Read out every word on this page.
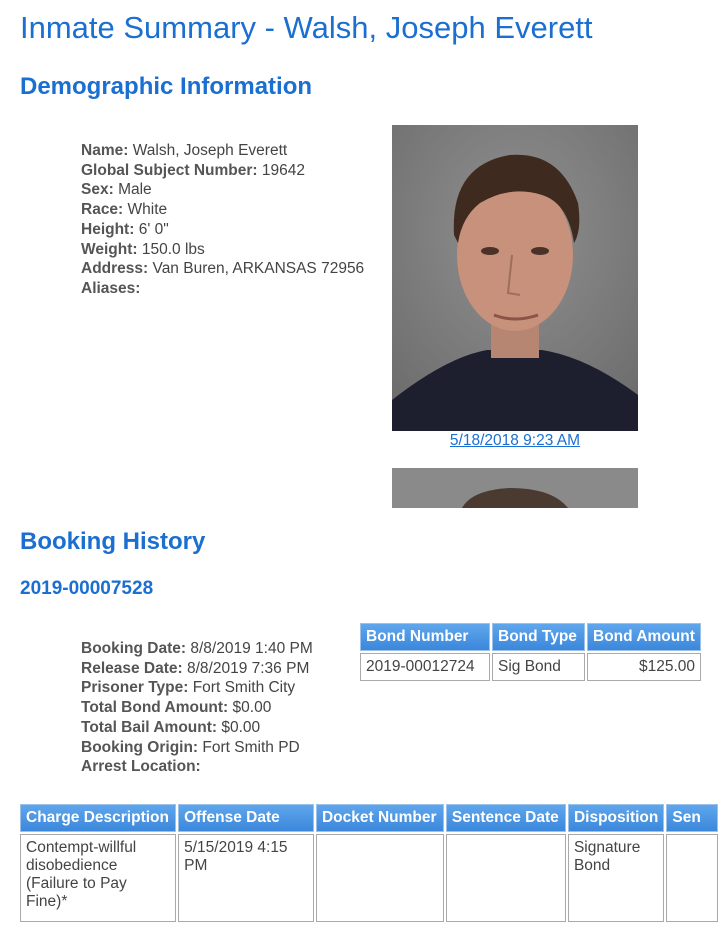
Inmate Summary - Walsh, Joseph Everett
Demographic Information
Name: Walsh, Joseph Everett
Global Subject Number: 19642
Sex: Male
Race: White
Height: 6' 0"
Weight: 150.0 lbs
Address: Van Buren, ARKANSAS 72956
Aliases:
5/18/2018 9:23 AM
Booking History
2019-00007528
Booking Date: 8/8/2019 1:40 PM
Release Date: 8/8/2019 7:36 PM
Prisoner Type: Fort Smith City
Total Bond Amount: $0.00
Total Bail Amount: $0.00
Booking Origin: Fort Smith PD
Arrest Location:
Bond Number	Bond Type	Bond Amount
2019-00012724	Sig Bond	$125.00
Charge Description	Offense Date	Docket Number	Sentence Date	Disposition	Sen
Contempt-willful disobedience (Failure to Pay Fine)*	5/15/2019 4:15 PM			Signature Bond	
